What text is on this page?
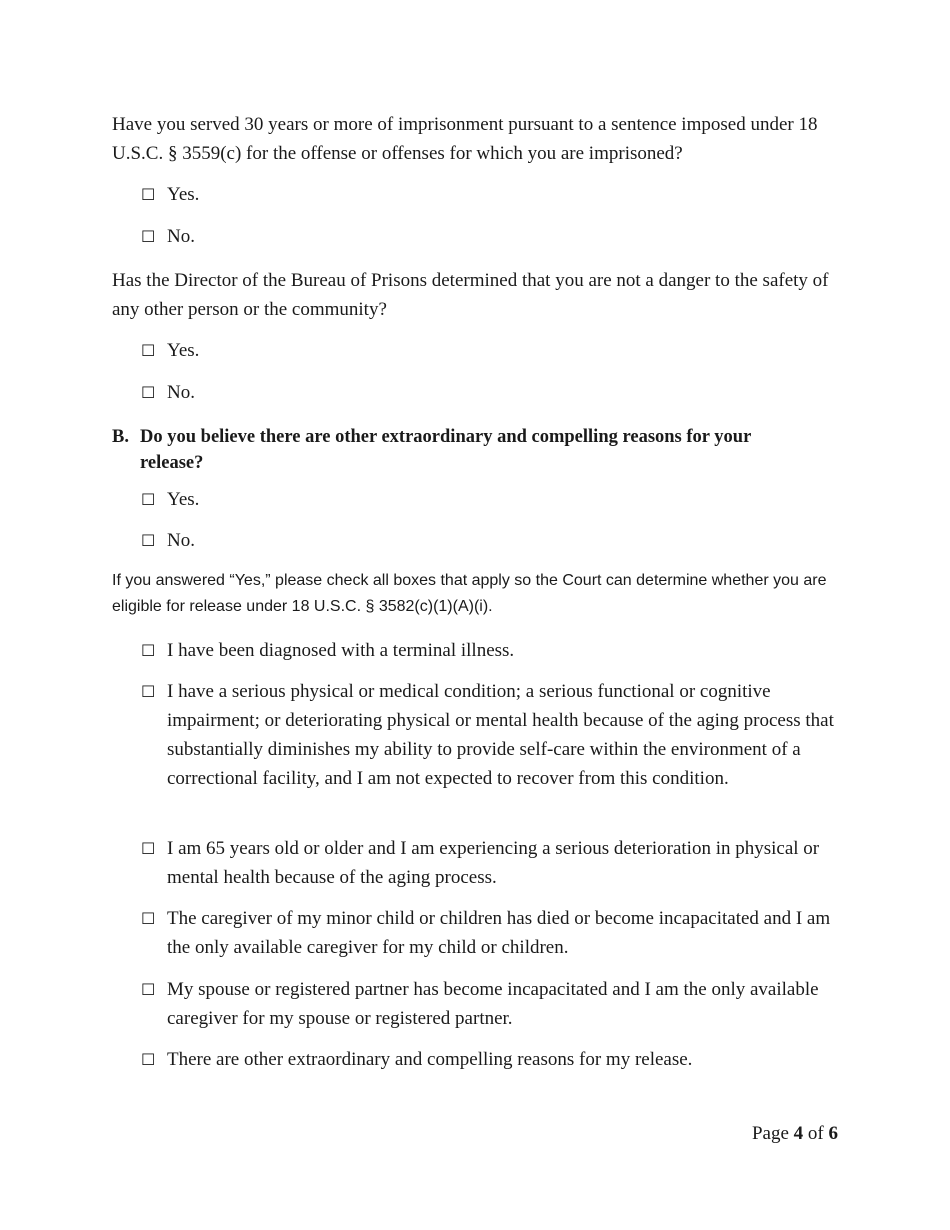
Have you served 30 years or more of imprisonment pursuant to a sentence imposed under 18 U.S.C. § 3559(c) for the offense or offenses for which you are imprisoned?
☐ Yes.
☐ No.
Has the Director of the Bureau of Prisons determined that you are not a danger to the safety of any other person or the community?
☐ Yes.
☐ No.
B. Do you believe there are other extraordinary and compelling reasons for your release?
☐ Yes.
☐ No.
If you answered “Yes,” please check all boxes that apply so the Court can determine whether you are eligible for release under 18 U.S.C. § 3582(c)(1)(A)(i).
☐ I have been diagnosed with a terminal illness.
☐ I have a serious physical or medical condition; a serious functional or cognitive impairment; or deteriorating physical or mental health because of the aging process that substantially diminishes my ability to provide self-care within the environment of a correctional facility, and I am not expected to recover from this condition.
☐ I am 65 years old or older and I am experiencing a serious deterioration in physical or mental health because of the aging process.
☐ The caregiver of my minor child or children has died or become incapacitated and I am the only available caregiver for my child or children.
☐ My spouse or registered partner has become incapacitated and I am the only available caregiver for my spouse or registered partner.
☐ There are other extraordinary and compelling reasons for my release.
Page 4 of 6
